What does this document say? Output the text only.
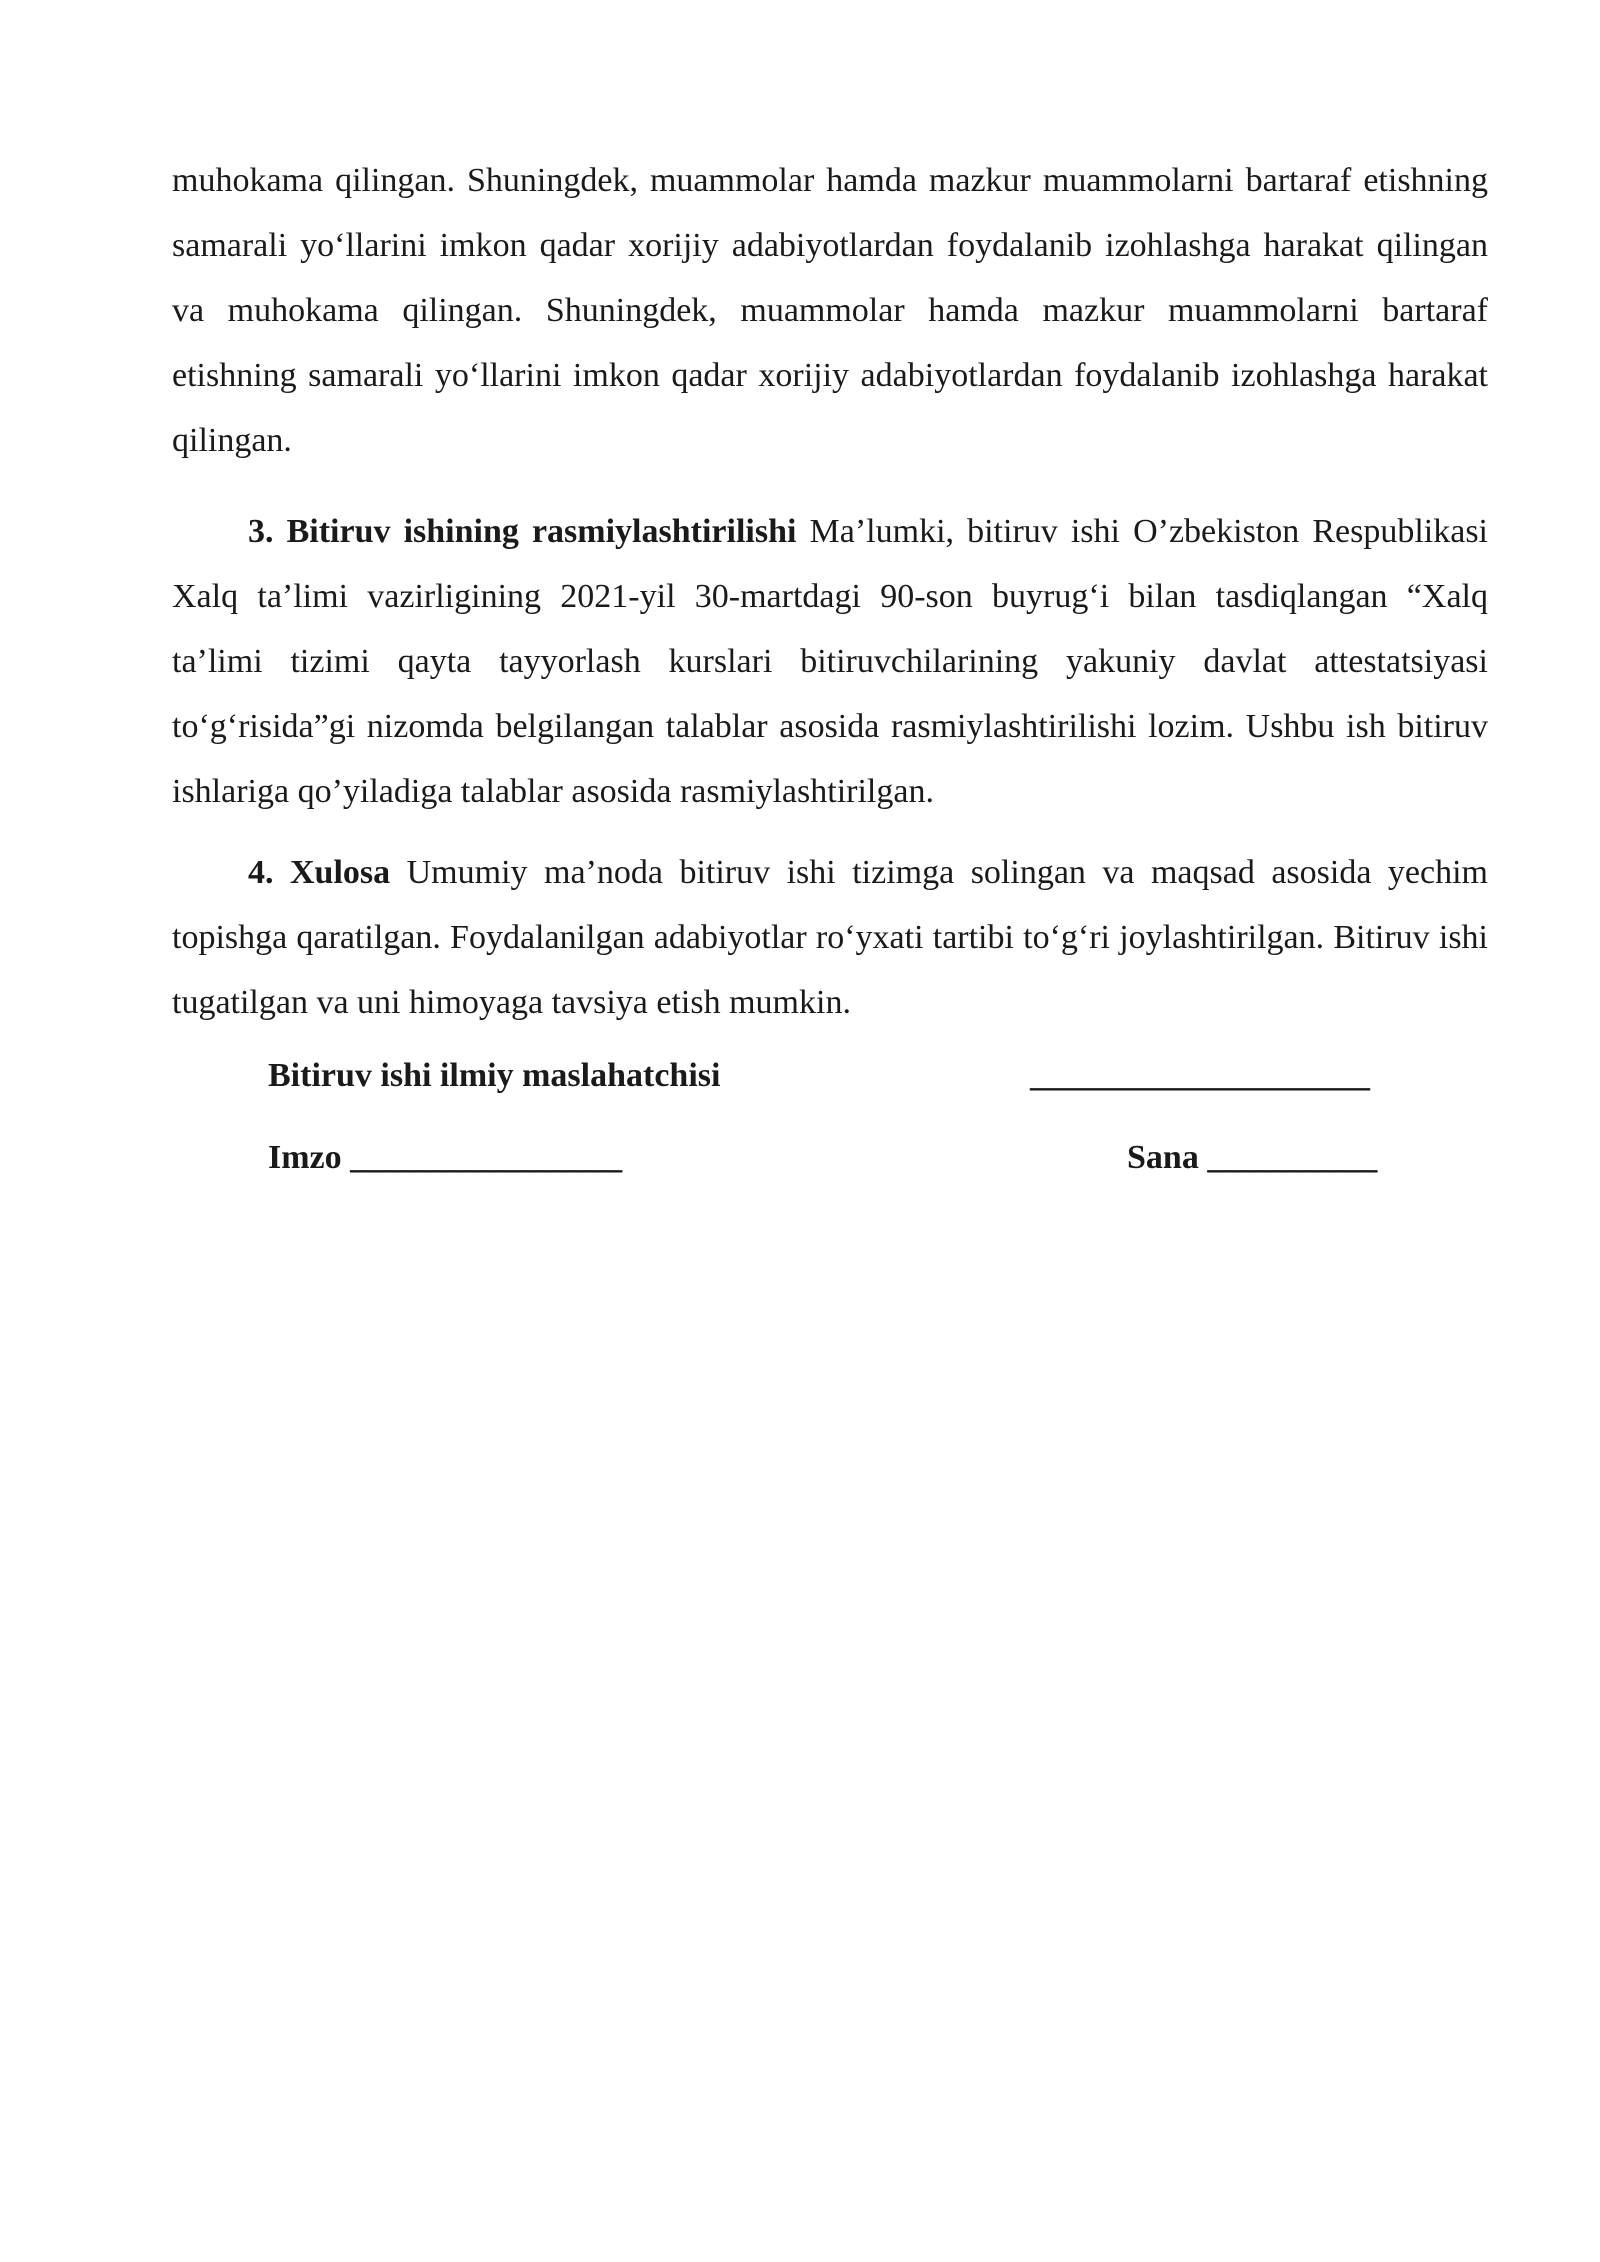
muhokama qilingan. Shuningdek, muammolar hamda mazkur muammolarni bartaraf etishning samarali yo‘llarini imkon qadar xorijiy adabiyotlardan foydalanib izohlashga harakat qilingan va muhokama qilingan. Shuningdek, muammolar hamda mazkur muammolarni bartaraf etishning samarali yo‘llarini imkon qadar xorijiy adabiyotlardan foydalanib izohlashga harakat qilingan.

3. Bitiruv ishining rasmiylashtirilishi Ma’lumki, bitiruv ishi O’zbekiston Respublikasi Xalq ta’limi vazirligining 2021-yil 30-martdagi 90-son buyrug‘i bilan tasdiqlangan “Xalq ta’limi tizimi qayta tayyorlash kurslari bitiruvchilarining yakuniy davlat attestatsiyasi to‘g‘risida”gi nizomda belgilangan talablar asosida rasmiylashtirilishi lozim. Ushbu ish bitiruv ishlariga qo’yiladiga talablar asosida rasmiylashtirilgan.

4. Xulosa Umumiy ma’noda bitiruv ishi tizimga solingan va maqsad asosida yechim topishga qaratilgan. Foydalanilgan adabiyotlar ro‘yxati tartibi to‘g‘ri joylashtirilgan. Bitiruv ishi tugatilgan va uni himoyaga tavsiya etish mumkin.

Bitiruv ishi ilmiy maslahatchisi	____________________
Imzo ________________	Sana __________
